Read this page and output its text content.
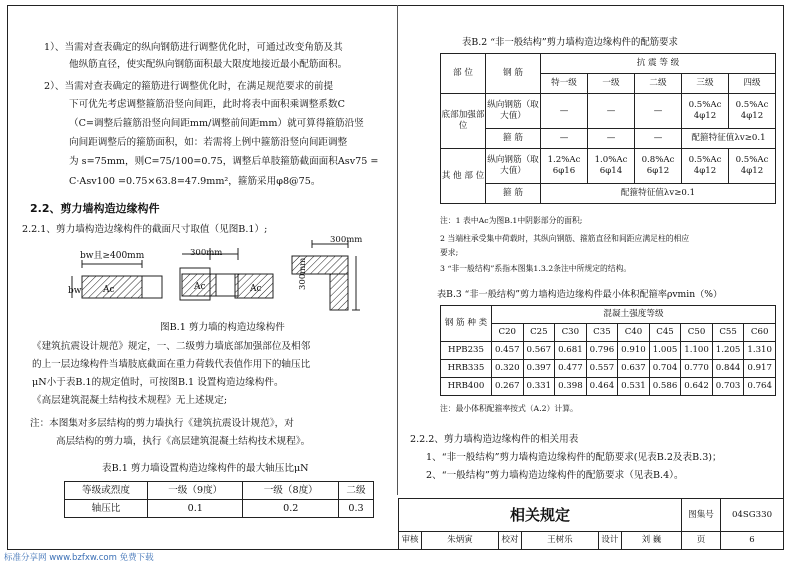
1）、当需对查表确定的纵向钢筋进行调整优化时，可通过改变角筋及其
他纵筋直径，使实配纵向钢筋面积最大限度地接近最小配筋面积。
2）、当需对查表确定的箍筋进行调整优化时，在满足规范要求的前提
下可优先考虑调整箍筋沿竖向间距，此时将表中面积乘调整系数C
（C=调整后箍筋沿竖向间距mm/调整前间距mm）就可算得箍筋沿竖
向间距调整后的箍筋面积，如：若需将上例中箍筋沿竖向间距调整
为 s=75mm，则C=75/100=0.75，调整后单肢箍筋截面面积Asv75 =
C·Asv100 =0.75×63.8=47.9mm²，箍筋采用φ8@75。
2.2、剪力墙构造边缘构件
2.2.1、剪力墙构造边缘构件的截面尺寸取值（见图B.1）;
bw且≥400mm
bw Ac
300mm
Ac	Ac
300mm
300mm
图B.1 剪力墙的构造边缘构件
《建筑抗震设计规范》规定，一、二级剪力墙底部加强部位及相邻
的上一层边缘构件当墙肢底截面在重力荷载代表值作用下的轴压比
μN小于表B.1的规定值时，可按图B.1 设置构造边缘构件。
《高层建筑混凝土结构技术规程》无上述规定;
注：本图集对多层结构的剪力墙执行《建筑抗震设计规范》，对
高层结构的剪力墙，执行《高层建筑混凝土结构技术规程》。
表B.1 剪力墙设置构造边缘构件的最大轴压比μN
等级或烈度	一级（9度）	一级（8度）	二级
轴压比	0.1	0.2	0.3
表B.2 “非一般结构”剪力墙构造边缘构件的配筋要求
部 位	钢 筋	抗 震 等 级				
		特一级	一级	二级	三级	四级
底部加强部 位	纵向钢筋（取大值）	—	—	—	0.5%Ac 4φ12	0.5%Ac 4φ12
	箍 筋	—	—	—	配箍特征值λv≥0.1	
其 他 部 位	纵向钢筋（取大值）	1.2%Ac 6φ16	1.0%Ac 6φ14	0.8%Ac 6φ12	0.5%Ac 4φ12	0.5%Ac 4φ12
	箍 筋	配箍特征值λv≥0.1				
注：1 表中Ac为图B.1中阴影部分的面积;
2 当端柱承受集中荷载时，其纵向钢筋、箍筋直径和间距应满足柱的相应
要求;
3 “非一般结构”系指本图集1.3.2条注中所规定的结构。
表B.3 “非一般结构”剪力墙构造边缘构件最小体积配箍率ρvmin（%）
钢 筋 种 类	混凝土强度等级								
	C20	C25	C30	C35	C40	C45	C50	C55	C60
HPB235	0.457	0.567	0.681	0.796	0.910	1.005	1.100	1.205	1.310
HRB335	0.320	0.397	0.477	0.557	0.637	0.704	0.770	0.844	0.917
HRB400	0.267	0.331	0.398	0.464	0.531	0.586	0.642	0.703	0.764
注：最小体积配箍率按式（A.2）计算。
2.2.2、剪力墙构造边缘构件的相关用表
1、“非一般结构”剪力墙构造边缘构件的配筋要求(见表B.2及表B.3)；
2、“一般结构”剪力墙构造边缘构件的配筋要求（见表B.4）。
相关规定						图集号	04SG330
审核	朱炳寅	校对	王树乐	设计	刘 巍	页	6
标准分享网 www.bzfxw.com 免费下载
